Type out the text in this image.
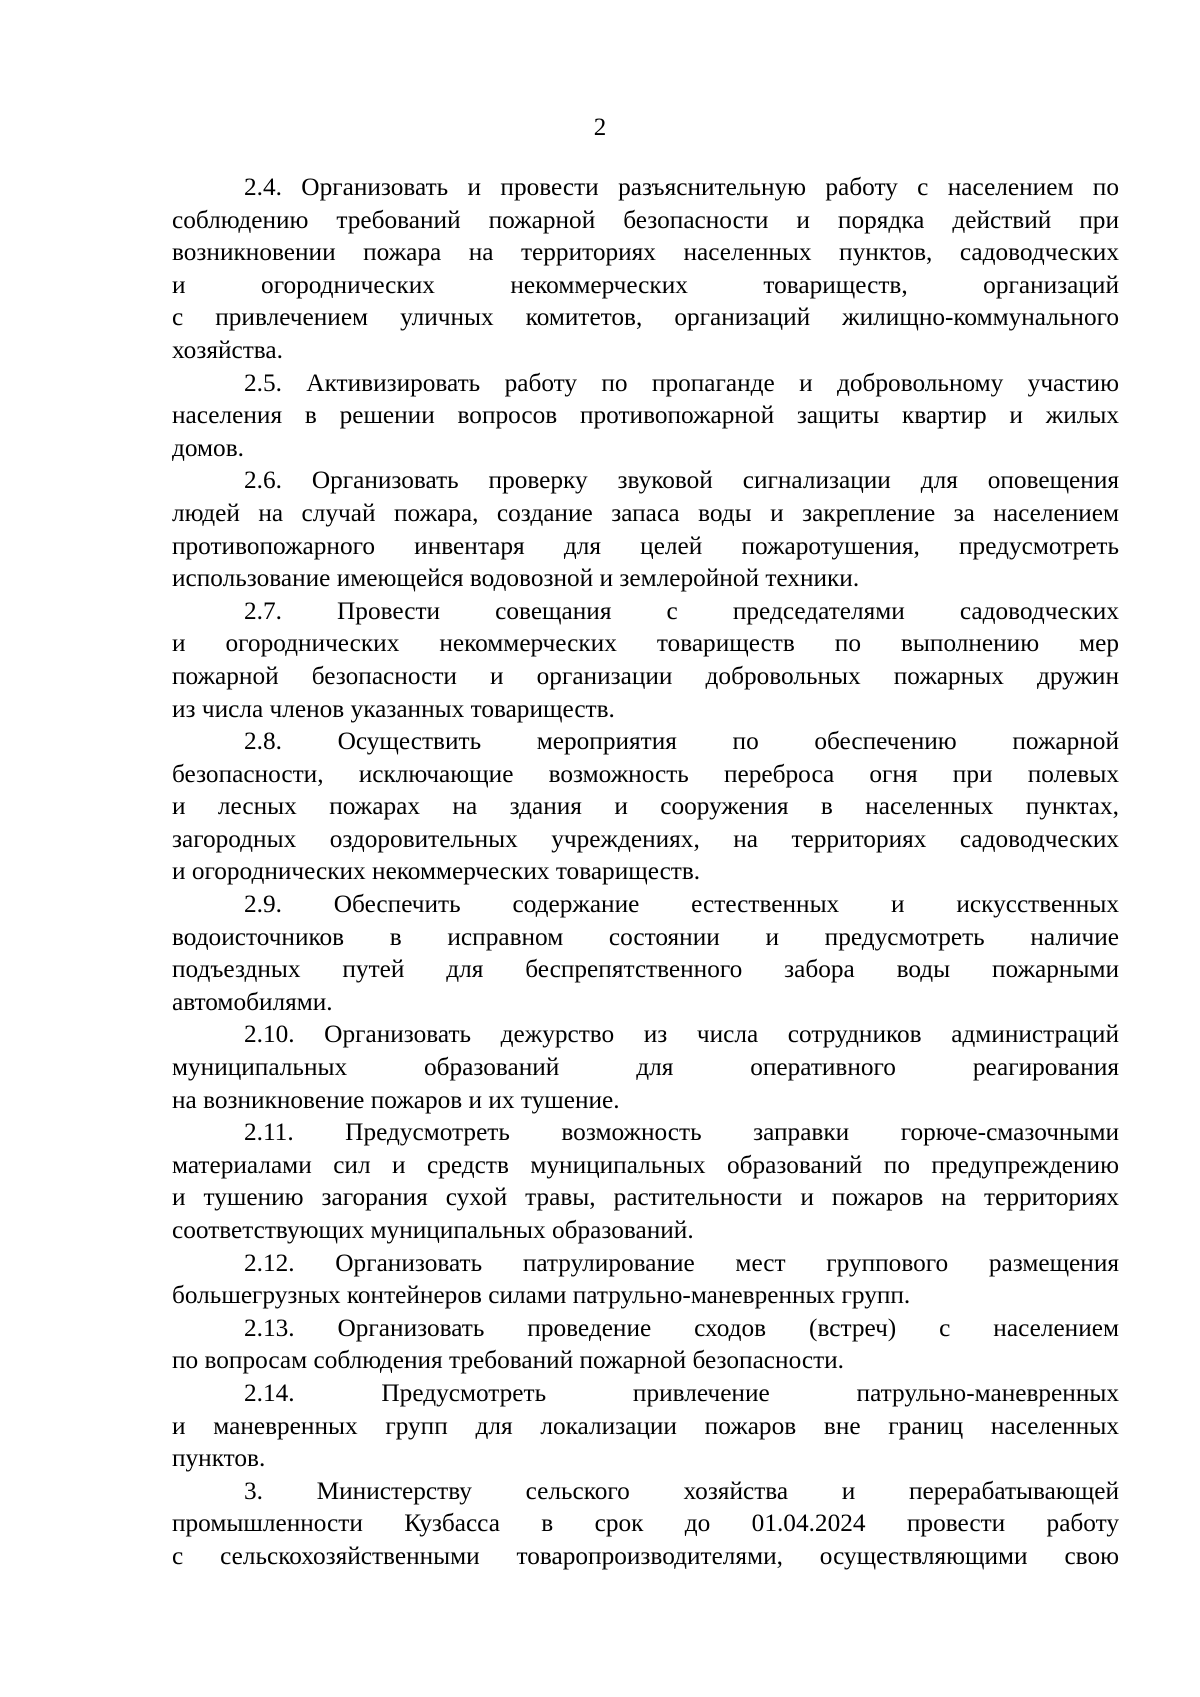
2
2.4. Организовать и провести разъяснительную работу с населением по
соблюдению требований пожарной безопасности и порядка действий при
возникновении пожара на территориях населенных пунктов, садоводческих
и огороднических некоммерческих товариществ, организаций
с привлечением уличных комитетов, организаций жилищно-коммунального
хозяйства.
2.5. Активизировать работу по пропаганде и добровольному участию
населения в решении вопросов противопожарной защиты квартир и жилых
домов.
2.6. Организовать проверку звуковой сигнализации для оповещения
людей на случай пожара, создание запаса воды и закрепление за населением
противопожарного инвентаря для целей пожаротушения, предусмотреть
использование имеющейся водовозной и землеройной техники.
2.7. Провести совещания с председателями садоводческих
и огороднических некоммерческих товариществ по выполнению мер
пожарной безопасности и организации добровольных пожарных дружин
из числа членов указанных товариществ.
2.8. Осуществить мероприятия по обеспечению пожарной
безопасности, исключающие возможность переброса огня при полевых
и лесных пожарах на здания и сооружения в населенных пунктах,
загородных оздоровительных учреждениях, на территориях садоводческих
и огороднических некоммерческих товариществ.
2.9. Обеспечить содержание естественных и искусственных
водоисточников в исправном состоянии и предусмотреть наличие
подъездных путей для беспрепятственного забора воды пожарными
автомобилями.
2.10. Организовать дежурство из числа сотрудников администраций
муниципальных образований для оперативного реагирования
на возникновение пожаров и их тушение.
2.11. Предусмотреть возможность заправки горюче-смазочными
материалами сил и средств муниципальных образований по предупреждению
и тушению загорания сухой травы, растительности и пожаров на территориях
соответствующих муниципальных образований.
2.12. Организовать патрулирование мест группового размещения
большегрузных контейнеров силами патрульно-маневренных групп.
2.13. Организовать проведение сходов (встреч) с населением
по вопросам соблюдения требований пожарной безопасности.
2.14. Предусмотреть привлечение патрульно-маневренных
и маневренных групп для локализации пожаров вне границ населенных
пунктов.
3. Министерству сельского хозяйства и перерабатывающей
промышленности Кузбасса в срок до 01.04.2024 провести работу
с сельскохозяйственными товаропроизводителями, осуществляющими свою
